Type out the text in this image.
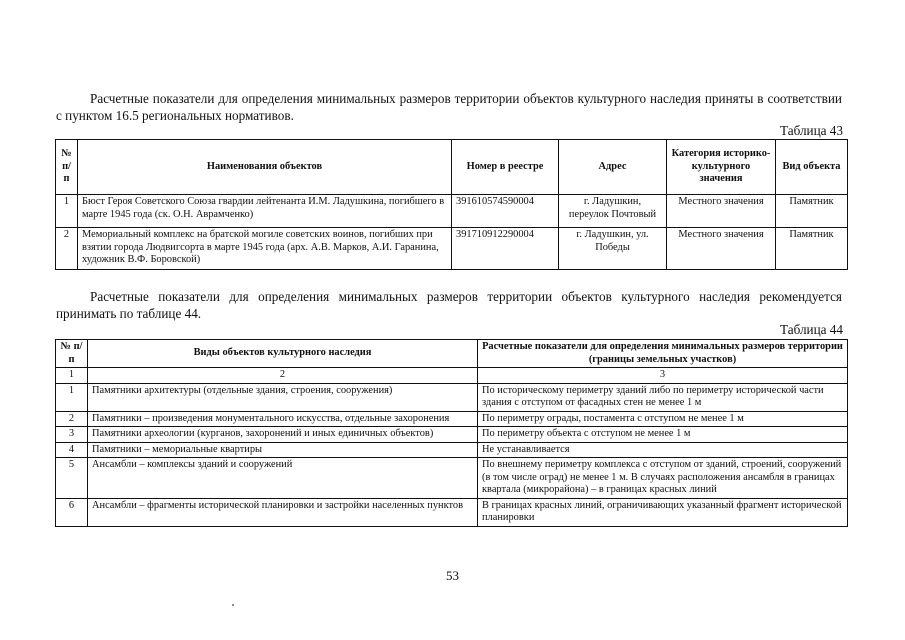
Расчетные показатели для определения минимальных размеров территории объектов культурного наследия приняты в соответствии с пунктом 16.5 региональных нормативов.

Таблица 43

№ п/п	Наименования объектов	Номер в реестре	Адрес	Категория историко-культурного значения	Вид объекта
1	Бюст Героя Советского Союза гвардии лейтенанта И.М. Ладушкина, погибшего в марте 1945 года (ск. О.Н. Аврамченко)	391610574590004	г. Ладушкин, переулок Почтовый	Местного значения	Памятник
2	Мемориальный комплекс на братской могиле советских воинов, погибших при взятии города Людвигсорта в марте 1945 года (арх. А.В. Марков, А.И. Гаранина, художник В.Ф. Боровской)	391710912290004	г. Ладушкин, ул. Победы	Местного значения	Памятник

Расчетные показатели для определения минимальных размеров территории объектов культурного наследия рекомендуется принимать по таблице 44.

Таблица 44

№ п/п	Виды объектов культурного наследия	Расчетные показатели для определения минимальных размеров территории (границы земельных участков)
1	2	3
1	Памятники архитектуры (отдельные здания, строения, сооружения)	По историческому периметру зданий либо по периметру исторической части здания с отступом от фасадных стен не менее 1 м
2	Памятники – произведения монументального искусства, отдельные захоронения	По периметру ограды, постамента с отступом не менее 1 м
3	Памятники археологии (курганов, захоронений и иных единичных объектов)	По периметру объекта с отступом не менее 1 м
4	Памятники – мемориальные квартиры	Не устанавливается
5	Ансамбли – комплексы зданий и сооружений	По внешнему периметру комплекса с отступом от зданий, строений, сооружений (в том числе оград) не менее 1 м. В случаях расположения ансамбля в границах квартала (микрорайона) – в границах красных линий
6	Ансамбли – фрагменты исторической планировки и застройки населенных пунктов	В границах красных линий, ограничивающих указанный фрагмент исторической планировки
53
